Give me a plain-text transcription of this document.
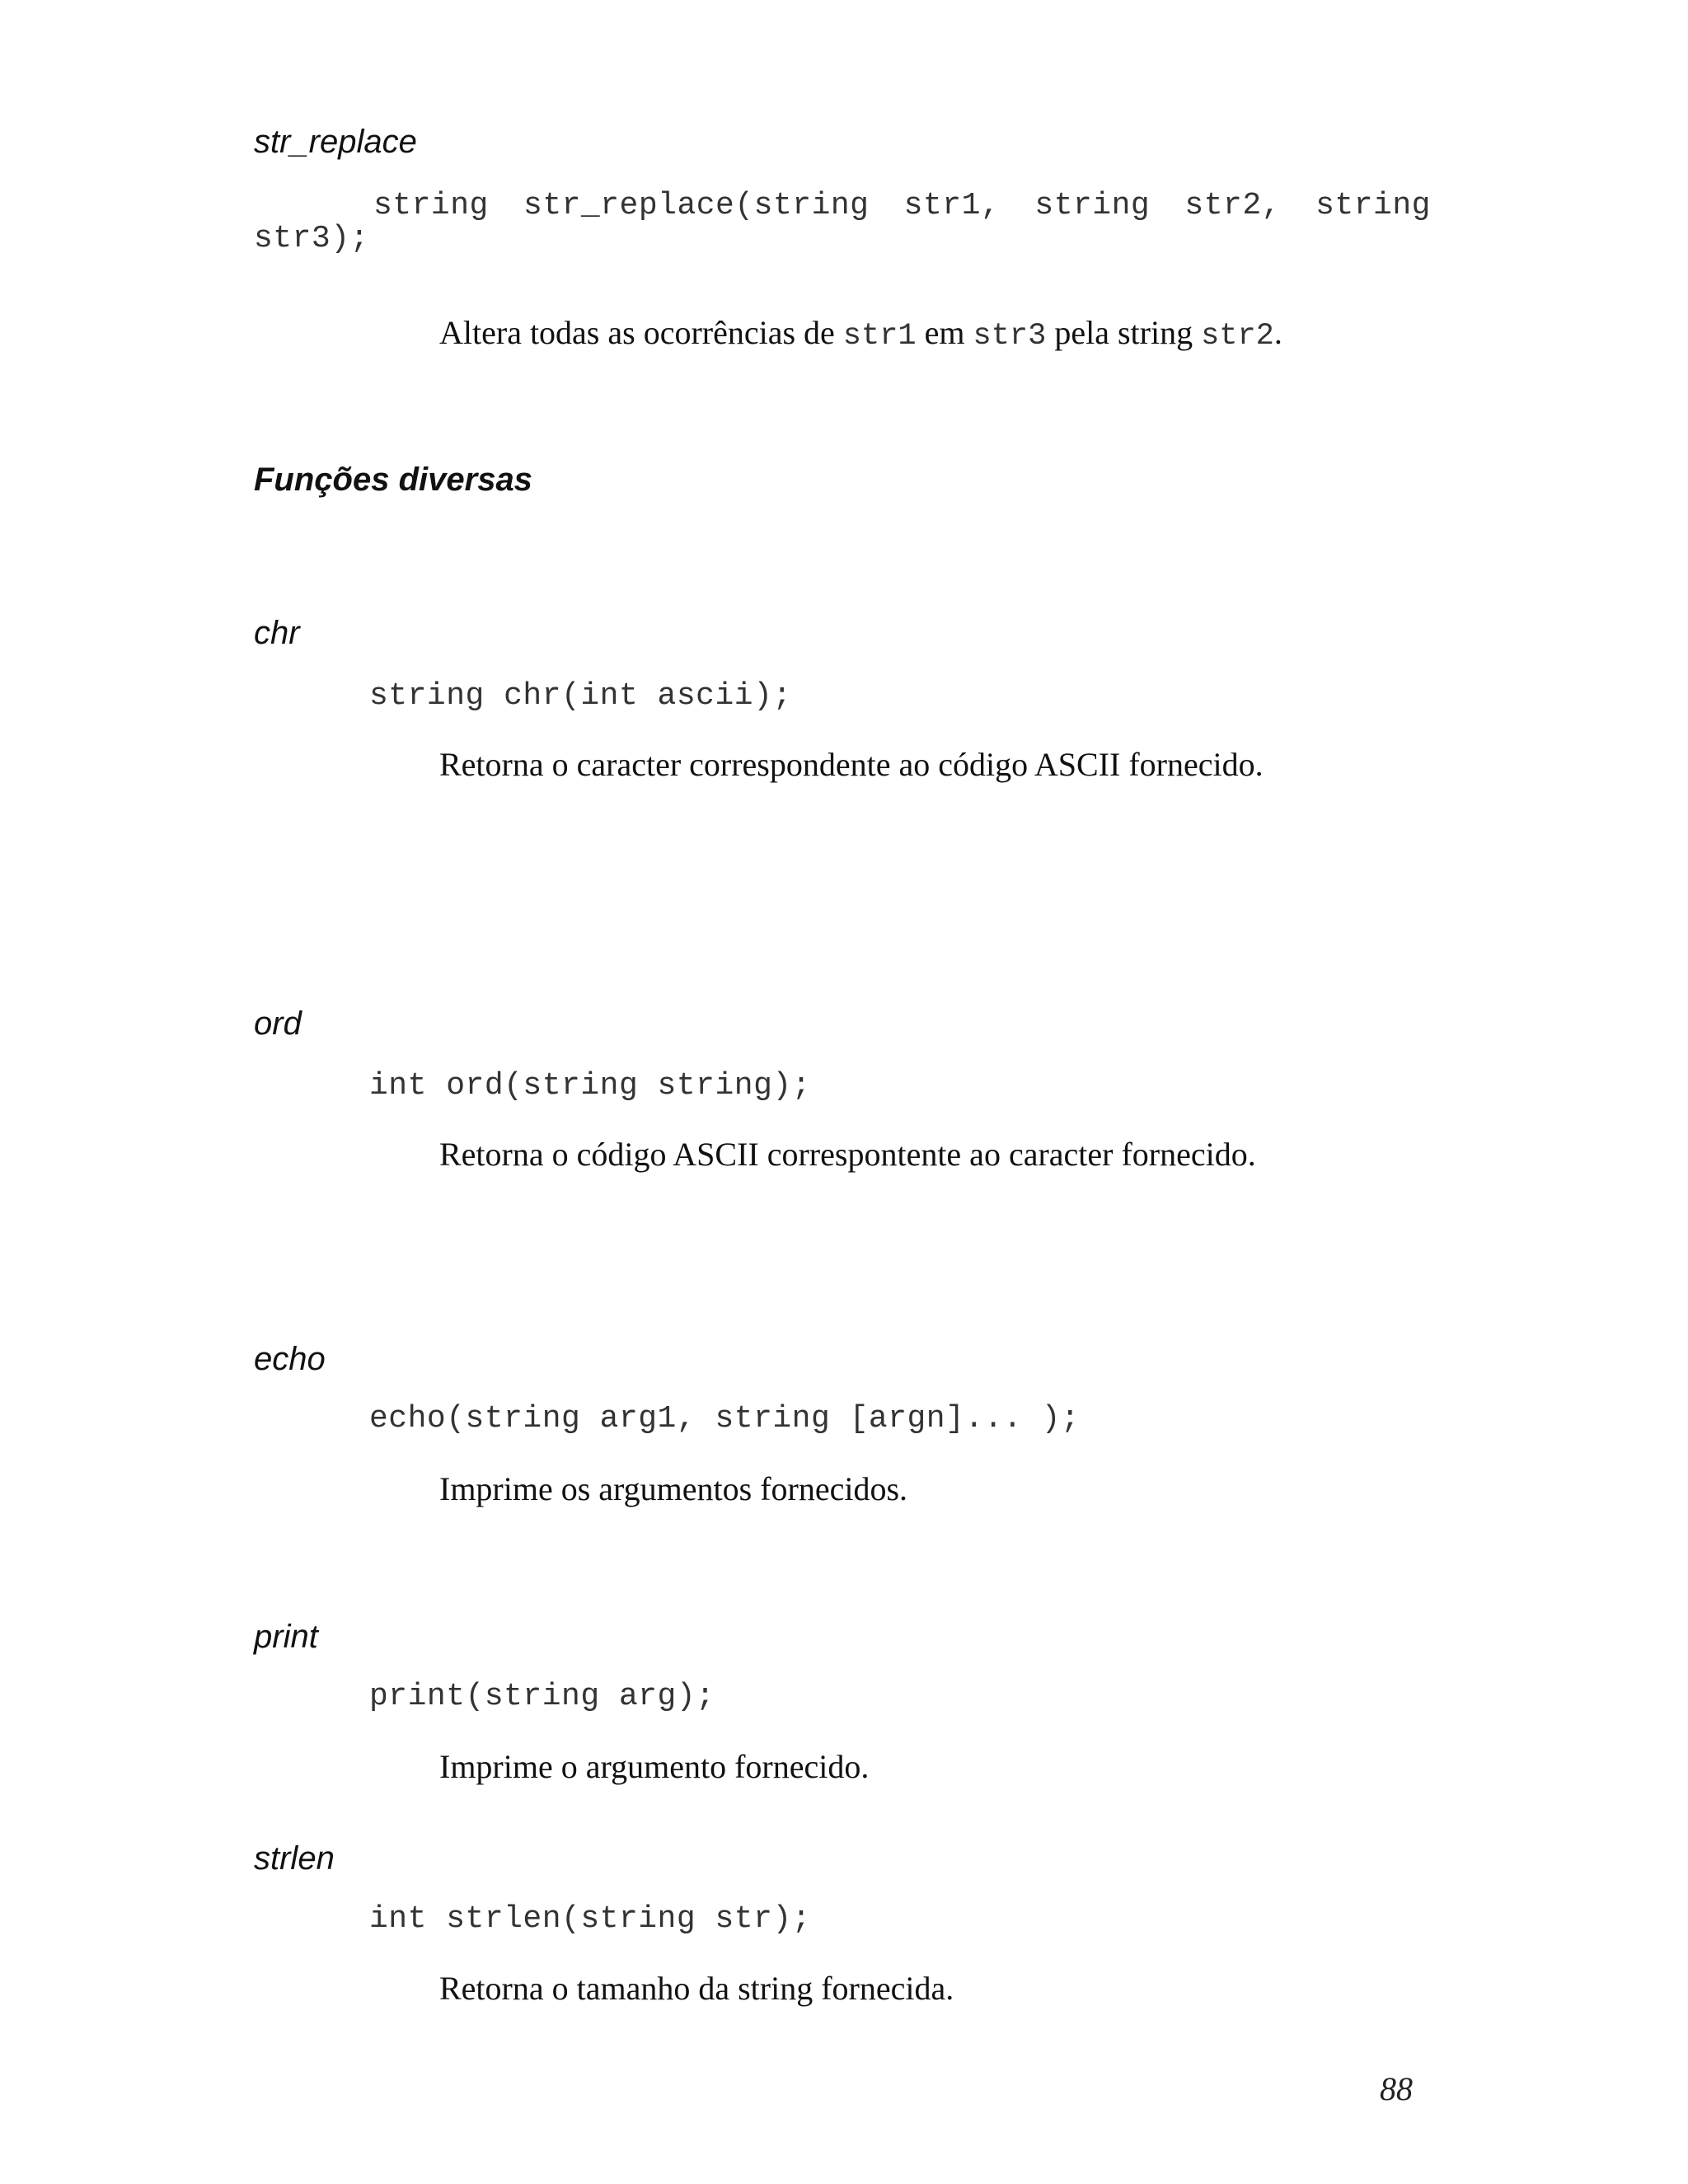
str_replace
string str_replace(string str1, string str2, string
str3);
Altera todas as ocorrências de str1 em str3 pela string str2.
Funções diversas
chr
string chr(int ascii);
Retorna o caracter correspondente ao código ASCII fornecido.
ord
int ord(string string);
Retorna o código ASCII correspontente ao caracter fornecido.
echo
echo(string arg1, string [argn]... );
Imprime os argumentos fornecidos.
print
print(string arg);
Imprime o argumento fornecido.
strlen
int strlen(string str);
Retorna o tamanho da string fornecida.
88
